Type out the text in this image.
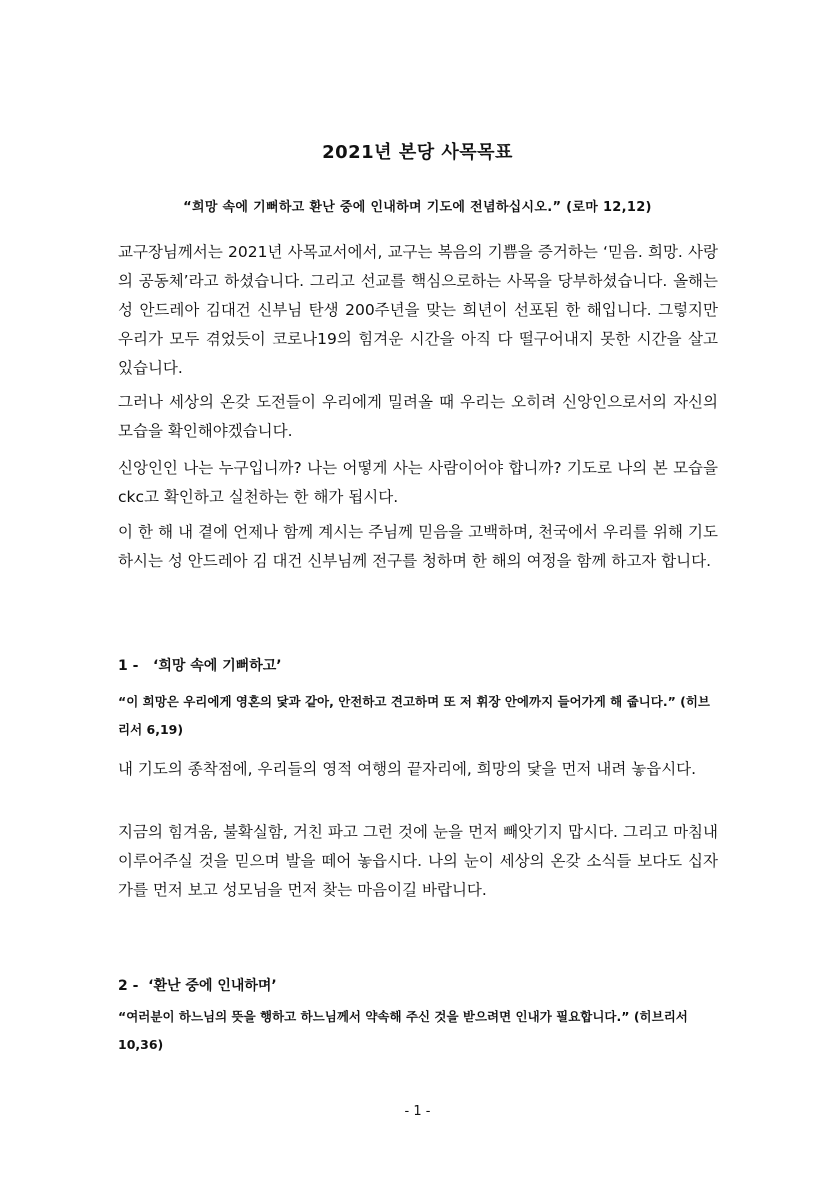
2021년 본당 사목목표
“희망 속에 기뻐하고 환난 중에 인내하며 기도에 전념하십시오.” (로마 12,12)

교구장님께서는 2021년 사목교서에서, 교구는 복음의 기쁨을 증거하는 ‘믿음. 희망. 사랑의 공동체’라고 하셨습니다. 그리고 선교를 핵심으로하는 사목을 당부하셨습니다. 올해는 성 안드레아 김대건 신부님 탄생 200주년을 맞는 희년이 선포된 한 해입니다. 그렇지만 우리가 모두 겪었듯이 코로나19의 힘겨운 시간을 아직 다 떨구어내지 못한 시간을 살고 있습니다.

그러나 세상의 온갖 도전들이 우리에게 밀려올 때 우리는 오히려 신앙인으로서의 자신의 모습을 확인해야겠습니다.

신앙인인 나는 누구입니까? 나는 어떻게 사는 사람이어야 합니까? 기도로 나의 본 모습을 ckc고 확인하고 실천하는 한 해가 됩시다.

이 한 해 내 곁에 언제나 함께 계시는 주님께 믿음을 고백하며, 천국에서 우리를 위해 기도하시는 성 안드레아 김 대건 신부님께 전구를 청하며 한 해의 여정을 함께 하고자 합니다.

1 -   ‘희망 속에 기뻐하고’

“이 희망은 우리에게 영혼의 닻과 같아, 안전하고 견고하며 또 저 휘장 안에까지 들어가게 해 줍니다.” (히브리서 6,19)

내 기도의 종착점에, 우리들의 영적 여행의 끝자리에, 희망의 닻을 먼저 내려 놓읍시다.

지금의 힘겨움, 불확실함, 거친 파고 그런 것에 눈을 먼저 빼앗기지 맙시다. 그리고 마침내 이루어주실 것을 믿으며 발을 떼어 놓읍시다. 나의 눈이 세상의 온갖 소식들 보다도 십자가를 먼저 보고 성모님을 먼저 찾는 마음이길 바랍니다.

2 -  ‘환난 중에 인내하며’

“여러분이 하느님의 뜻을 행하고 하느님께서 약속해 주신 것을 받으려면 인내가 필요합니다.” (히브리서 10,36)

- 1 -
